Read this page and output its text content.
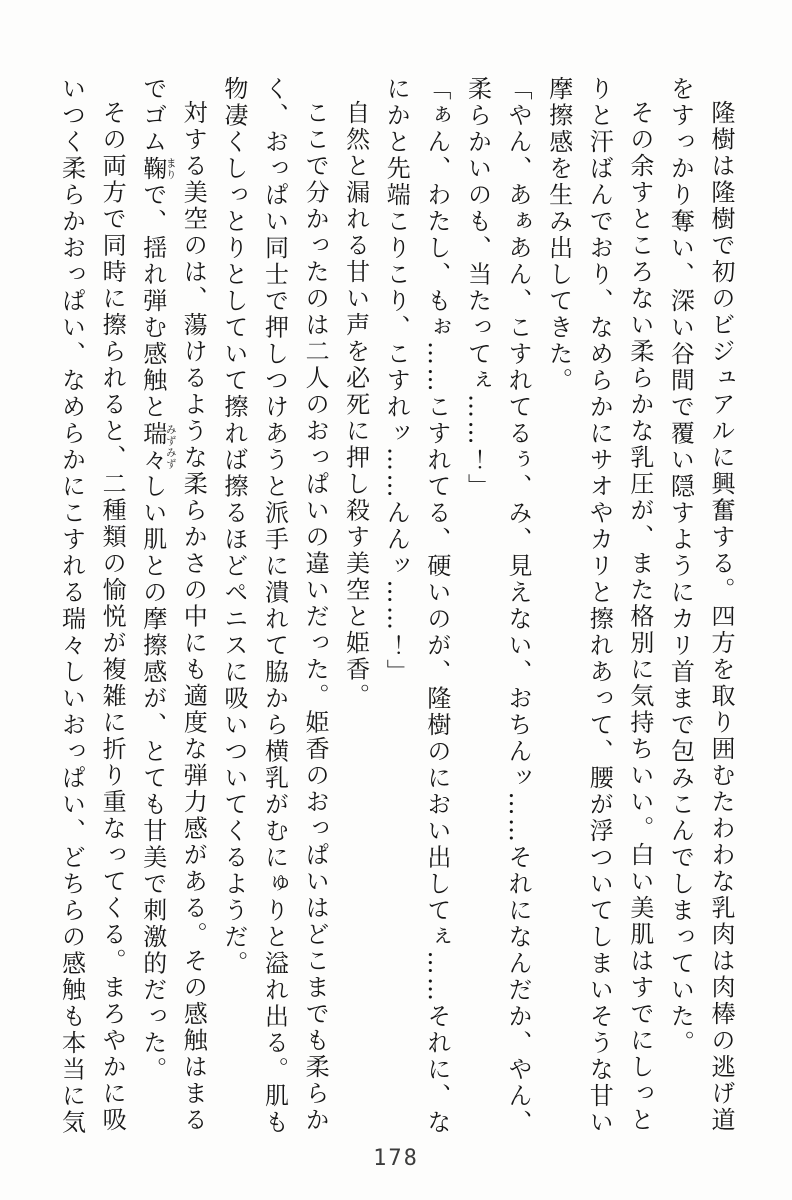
隆樹は隆樹で初のビジュアルに興奮する。四方を取り囲むたわわな乳肉は肉棒の逃げ道をすっかり奪い、深い谷間で覆い隠すようにカリ首まで包みこんでしまっていた。

その余すところない柔らかな乳圧が、また格別に気持ちいい。白い美肌はすでにしっとりと汗ばんでおり、なめらかにサオやカリと擦れあって、腰が浮ついてしまいそうな甘い摩擦感を生み出してきた。

「やん、あぁあん、こすれてるぅ、み、見えない、おちんッ……それになんだか、やん、柔らかいのも、当たってぇ……！」

「ぁん、わたし、もぉ……こすれてる、硬いのが、隆樹のにおい出してぇ……それに、なにかと先端こりこり、こすれッ……んんッ……！」

自然と漏れる甘い声を必死に押し殺す美空と姫香。

ここで分かったのは二人のおっぱいの違いだった。姫香のおっぱいはどこまでも柔らかく、おっぱい同士で押しつけあうと派手に潰れて脇から横乳がむにゅりと溢れ出る。肌も物凄くしっとりとしていて擦れば擦るほどペニスに吸いついてくるようだ。

対する美空のは、蕩けるような柔らかさの中にも適度な弾力感がある。その感触はまるでゴム鞠まりで、揺れ弾む感触と瑞々みずみずしい肌との摩擦感が、とても甘美で刺激的だった。

その両方で同時に擦られると、二種類の愉悦が複雑に折り重なってくる。まろやかに吸いつく柔らかおっぱい、なめらかにこすれる瑞々しいおっぱい、どちらの感触も本当に気

178
